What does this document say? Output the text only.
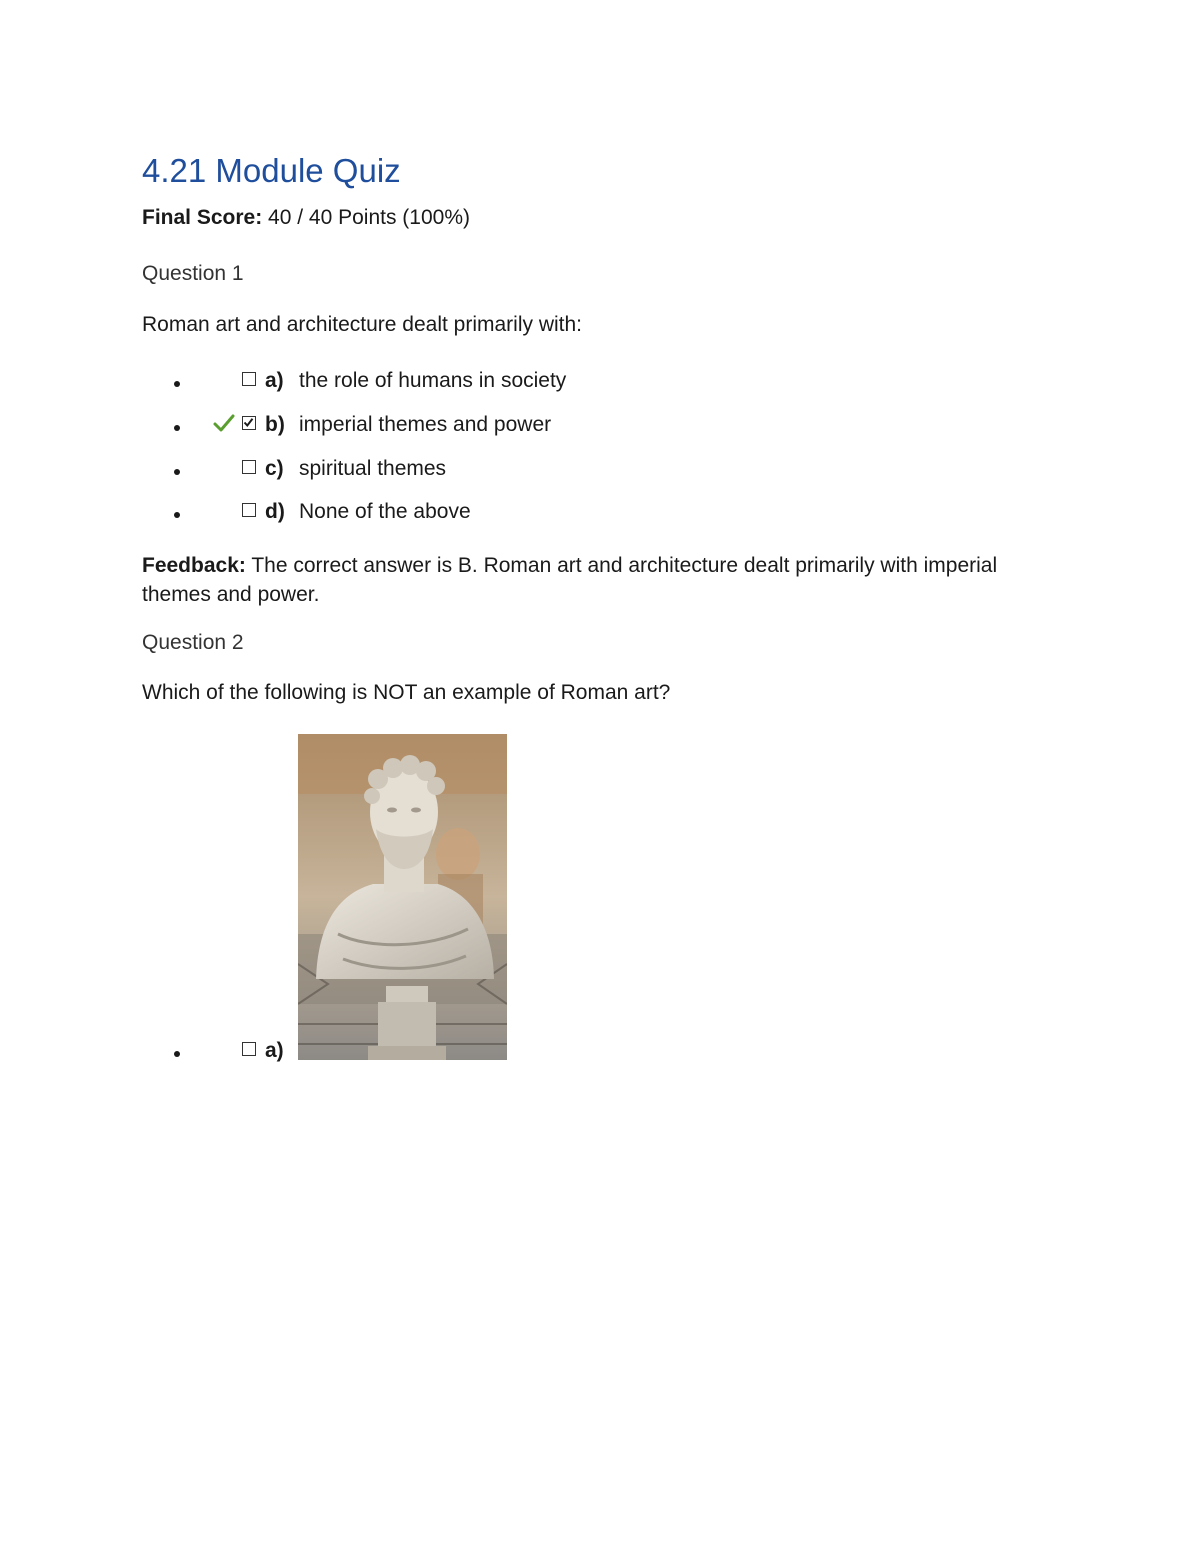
4.21 Module Quiz
Final Score: 40 / 40 Points (100%)
Question 1
Roman art and architecture dealt primarily with:
a) the role of humans in society
b) imperial themes and power
c) spiritual themes
d) None of the above
Feedback: The correct answer is B. Roman art and architecture dealt primarily with imperial themes and power.
Question 2
Which of the following is NOT an example of Roman art?
a)
